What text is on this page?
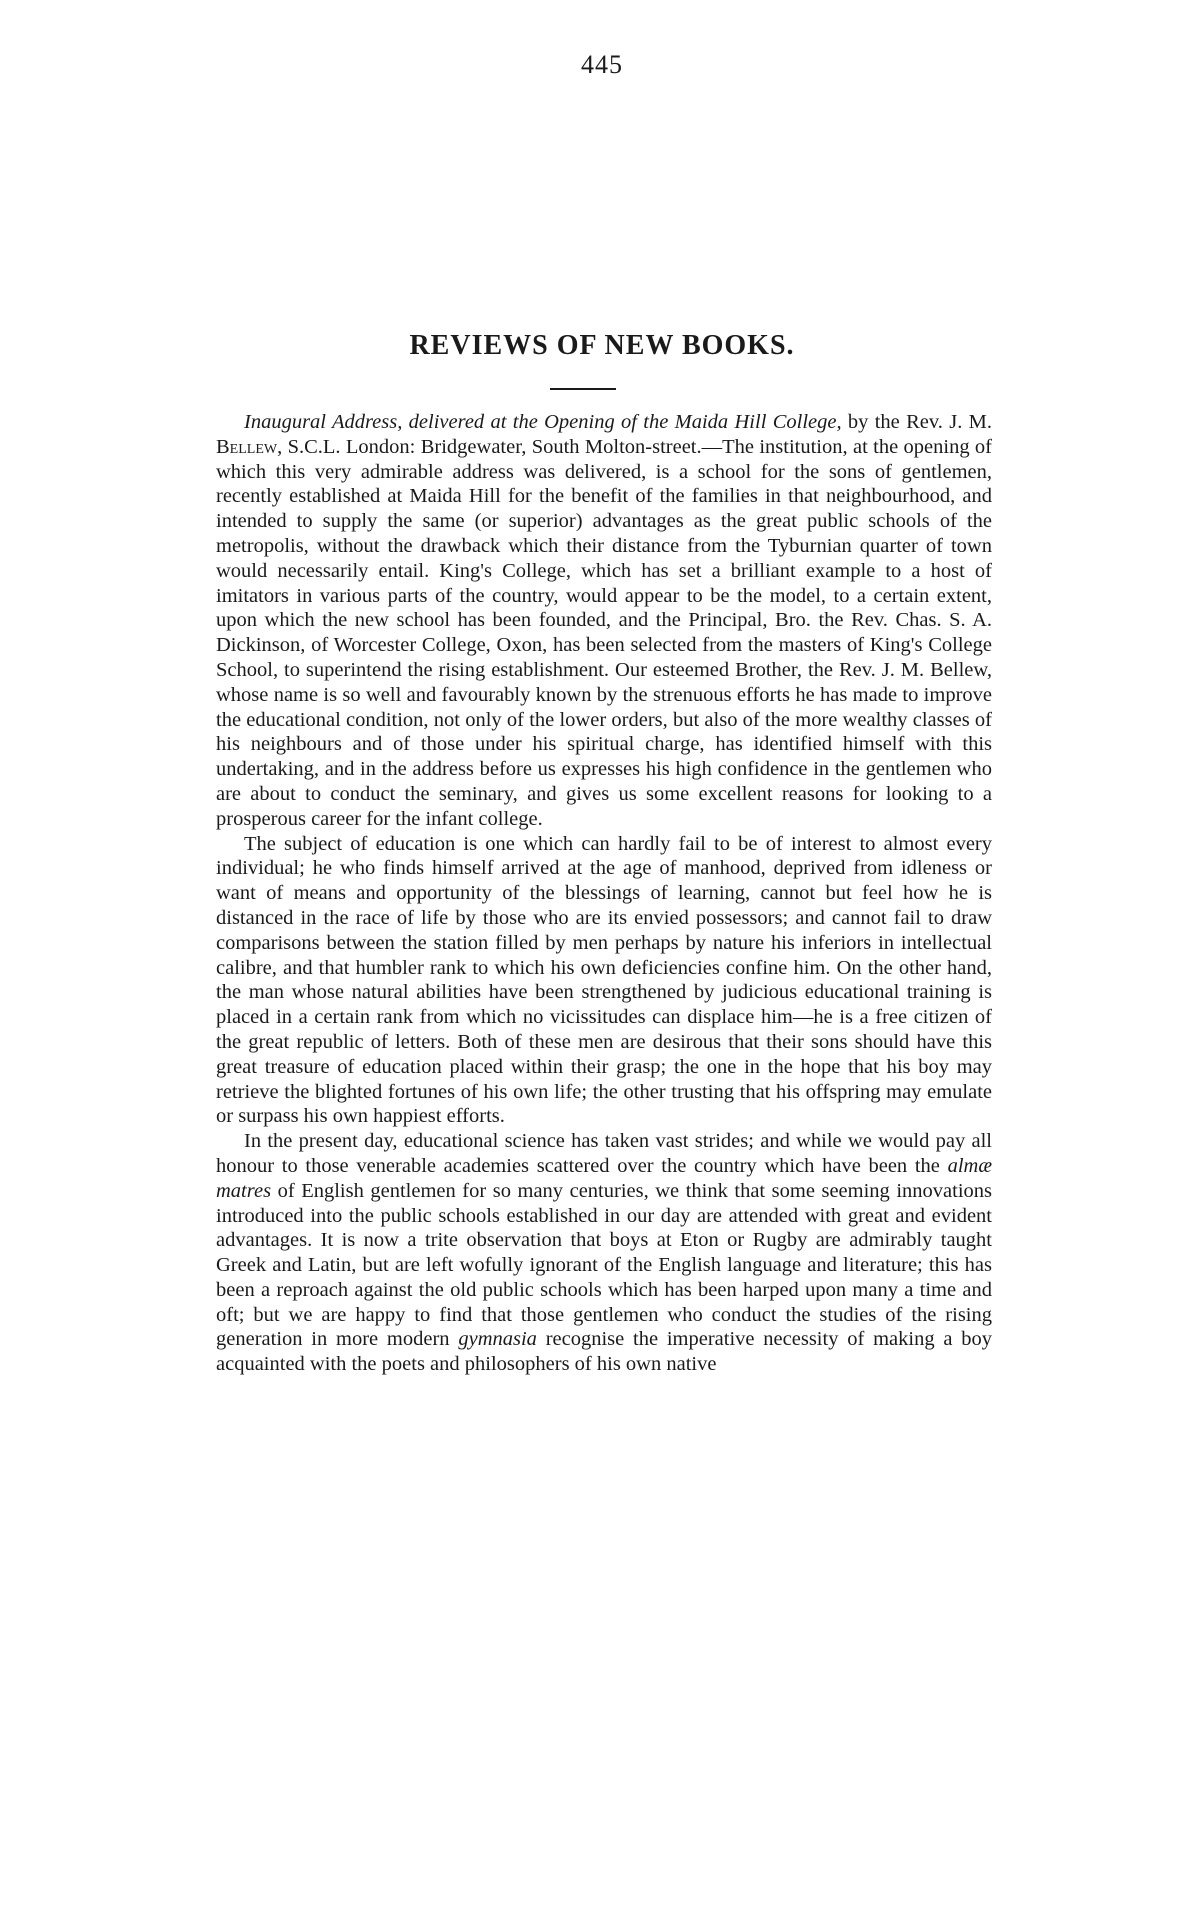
445
REVIEWS OF NEW BOOKS.

Inaugural Address, delivered at the Opening of the Maida Hill College, by the Rev. J. M. Bellew, S.C.L. London: Bridgewater, South Molton-street.—The institution, at the opening of which this very admirable address was delivered, is a school for the sons of gentlemen, recently established at Maida Hill for the benefit of the families in that neighbourhood, and intended to supply the same (or superior) advantages as the great public schools of the metropolis, without the drawback which their distance from the Tyburnian quarter of town would necessarily entail. King's College, which has set a brilliant example to a host of imitators in various parts of the country, would appear to be the model, to a certain extent, upon which the new school has been founded, and the Principal, Bro. the Rev. Chas. S. A. Dickinson, of Worcester College, Oxon, has been selected from the masters of King's College School, to superintend the rising establishment. Our esteemed Brother, the Rev. J. M. Bellew, whose name is so well and favourably known by the strenuous efforts he has made to improve the educational condition, not only of the lower orders, but also of the more wealthy classes of his neighbours and of those under his spiritual charge, has identified himself with this undertaking, and in the address before us expresses his high confidence in the gentlemen who are about to conduct the seminary, and gives us some excellent reasons for looking to a prosperous career for the infant college.

The subject of education is one which can hardly fail to be of interest to almost every individual; he who finds himself arrived at the age of manhood, deprived from idleness or want of means and opportunity of the blessings of learning, cannot but feel how he is distanced in the race of life by those who are its envied possessors; and cannot fail to draw comparisons between the station filled by men perhaps by nature his inferiors in intellectual calibre, and that humbler rank to which his own deficiencies confine him. On the other hand, the man whose natural abilities have been strengthened by judicious educational training is placed in a certain rank from which no vicissitudes can displace him—he is a free citizen of the great republic of letters. Both of these men are desirous that their sons should have this great treasure of education placed within their grasp; the one in the hope that his boy may retrieve the blighted fortunes of his own life; the other trusting that his offspring may emulate or surpass his own happiest efforts.

In the present day, educational science has taken vast strides; and while we would pay all honour to those venerable academies scattered over the country which have been the almæ matres of English gentlemen for so many centuries, we think that some seeming innovations introduced into the public schools established in our day are attended with great and evident advantages. It is now a trite observation that boys at Eton or Rugby are admirably taught Greek and Latin, but are left wofully ignorant of the English language and literature; this has been a reproach against the old public schools which has been harped upon many a time and oft; but we are happy to find that those gentlemen who conduct the studies of the rising generation in more modern gymnasia recognise the imperative necessity of making a boy acquainted with the poets and philosophers of his own native
